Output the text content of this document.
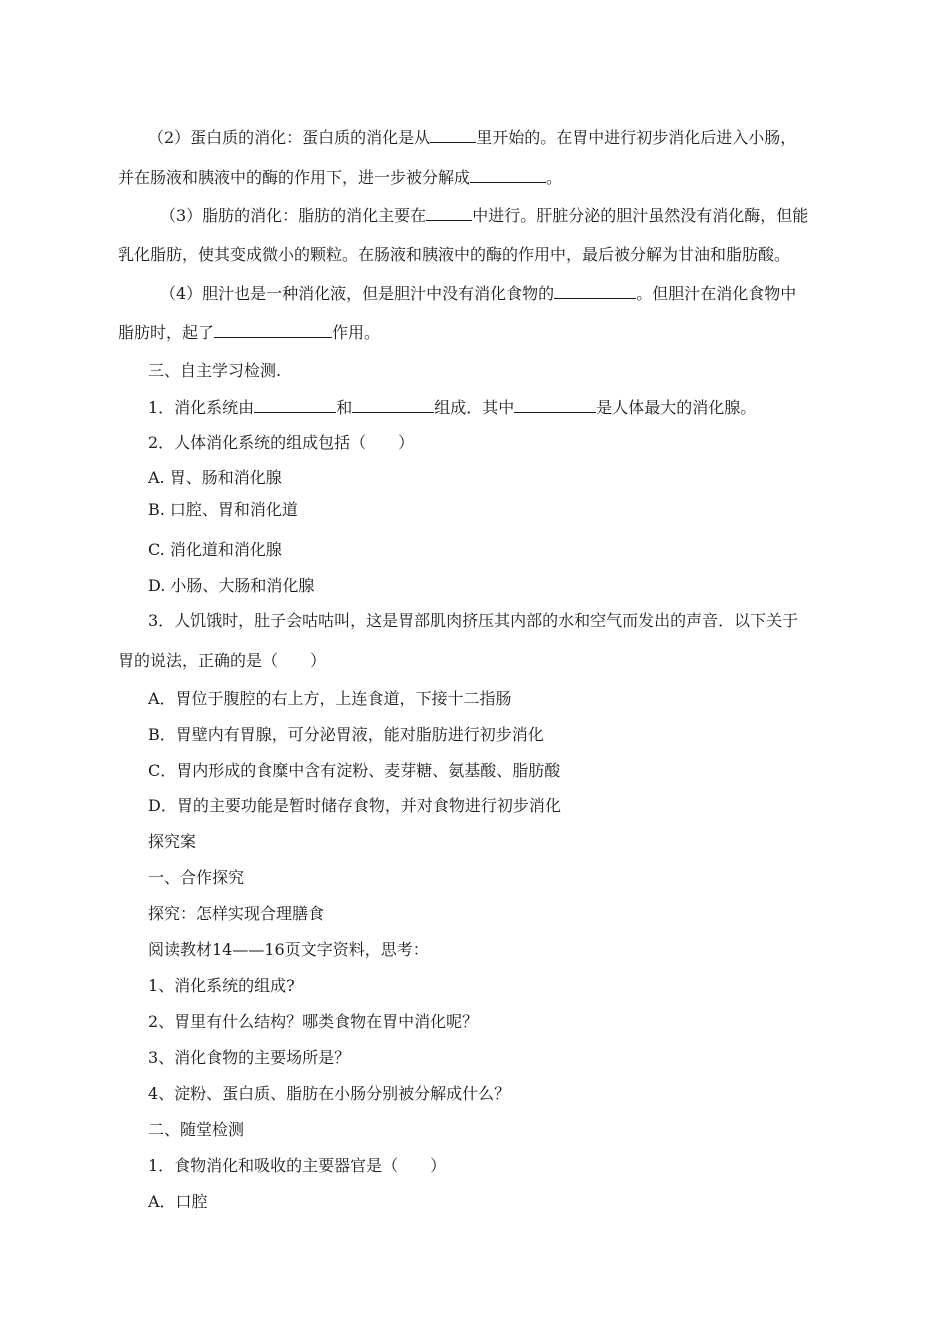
（2）蛋白质的消化：蛋白质的消化是从	里开始的。在胃中进行初步消化后进入小肠，
并在肠液和胰液中的酶的作用下，进一步被分解成	。
（3）脂肪的消化：脂肪的消化主要在	中进行。肝脏分泌的胆汁虽然没有消化酶，但能
乳化脂肪，使其变成微小的颗粒。在肠液和胰液中的酶的作用中，最后被分解为甘油和脂肪酸。
（4）胆汁也是一种消化液，但是胆汁中没有消化食物的	。但胆汁在消化食物中
脂肪时，起了	作用。
三、自主学习检测.
1．消化系统由	和	组成．其中	是人体最大的消化腺。
2．人体消化系统的组成包括（　　）
A. 胃、肠和消化腺
B. 口腔、胃和消化道
C. 消化道和消化腺
D. 小肠、大肠和消化腺
3．人饥饿时，肚子会咕咕叫，这是胃部肌肉挤压其内部的水和空气而发出的声音．以下关于
胃的说法，正确的是（　　）
A．胃位于腹腔的右上方，上连食道，下接十二指肠
B．胃壁内有胃腺，可分泌胃液，能对脂肪进行初步消化
C．胃内形成的食糜中含有淀粉、麦芽糖、氨基酸、脂肪酸
D．胃的主要功能是暂时储存食物，并对食物进行初步消化
探究案
一、合作探究
探究：怎样实现合理膳食
阅读教材14——16页文字资料，思考：
1、消化系统的组成?
2、胃里有什么结构？哪类食物在胃中消化呢？
3、消化食物的主要场所是？
4、淀粉、蛋白质、脂肪在小肠分别被分解成什么？
二、随堂检测
1．食物消化和吸收的主要器官是（　　）
A．口腔
